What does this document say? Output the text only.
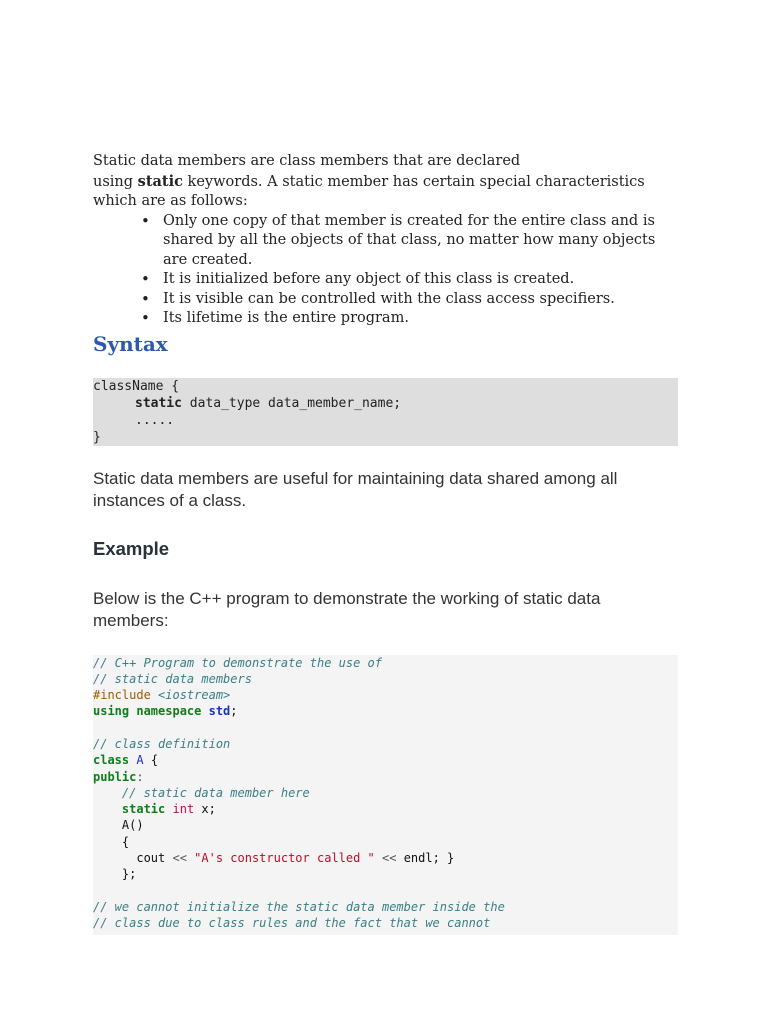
Static data members are class members that are declared
using static keywords. A static member has certain special characteristics which are as follows:

• Only one copy of that member is created for the entire class and is shared by all the objects of that class, no matter how many objects are created.
• It is initialized before any object of this class is created.
• It is visible can be controlled with the class access specifiers.
• Its lifetime is the entire program.
Syntax
className {
static data_type data_member_name;
.....
}

Static data members are useful for maintaining data shared among all instances of a class.

Example

Below is the C++ program to demonstrate the working of static data members:

// C++ Program to demonstrate the use of
// static data members
#include <iostream>
using namespace std;

// class definition
class A {
public:
// static data member here
static int x;
A()
{
cout << "A's constructor called " << endl; }
};

// we cannot initialize the static data member inside the
// class due to class rules and the fact that we cannot
